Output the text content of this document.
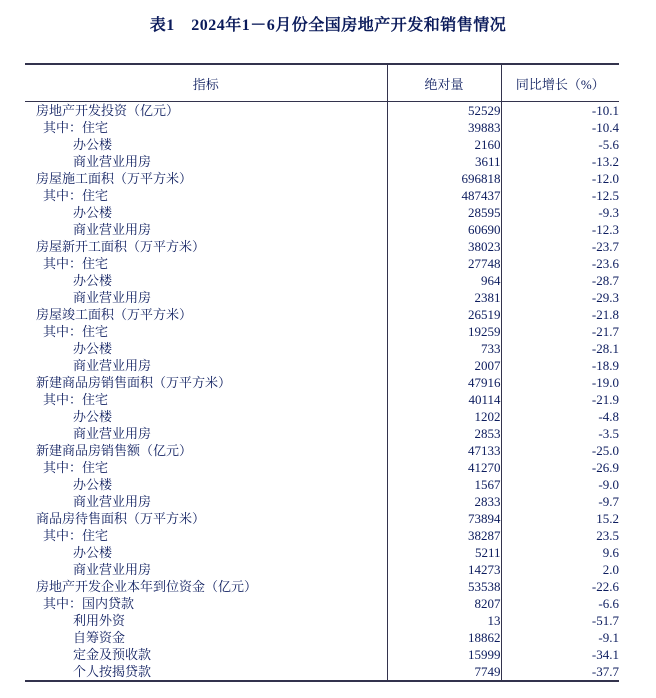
表1　2024年1－6月份全国房地产开发和销售情况
指标	绝对量	同比增长（%）
房地产开发投资（亿元）	52529	-10.1
其中：住宅	39883	-10.4
办公楼	2160	-5.6
商业营业用房	3611	-13.2
房屋施工面积（万平方米）	696818	-12.0
其中：住宅	487437	-12.5
办公楼	28595	-9.3
商业营业用房	60690	-12.3
房屋新开工面积（万平方米）	38023	-23.7
其中：住宅	27748	-23.6
办公楼	964	-28.7
商业营业用房	2381	-29.3
房屋竣工面积（万平方米）	26519	-21.8
其中：住宅	19259	-21.7
办公楼	733	-28.1
商业营业用房	2007	-18.9
新建商品房销售面积（万平方米）	47916	-19.0
其中：住宅	40114	-21.9
办公楼	1202	-4.8
商业营业用房	2853	-3.5
新建商品房销售额（亿元）	47133	-25.0
其中：住宅	41270	-26.9
办公楼	1567	-9.0
商业营业用房	2833	-9.7
商品房待售面积（万平方米）	73894	15.2
其中：住宅	38287	23.5
办公楼	5211	9.6
商业营业用房	14273	2.0
房地产开发企业本年到位资金（亿元）	53538	-22.6
其中：国内贷款	8207	-6.6
利用外资	13	-51.7
自筹资金	18862	-9.1
定金及预收款	15999	-34.1
个人按揭贷款	7749	-37.7
